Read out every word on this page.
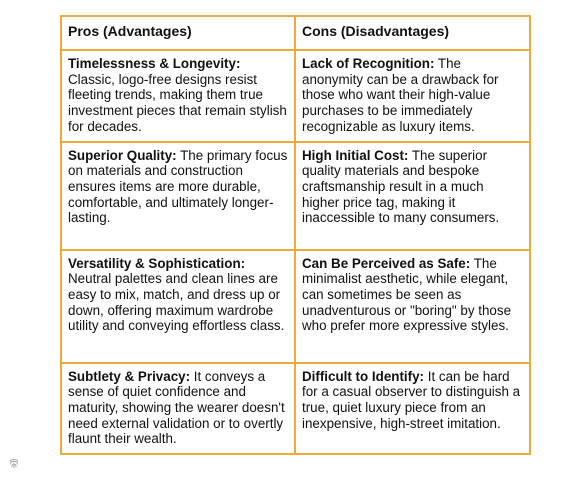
Pros (Advantages)	Cons (Disadvantages)
Timelessness & Longevity: Classic, logo-free designs resist fleeting trends, making them true investment pieces that remain stylish for decades.	Lack of Recognition: The anonymity can be a drawback for those who want their high-value purchases to be immediately recognizable as luxury items.
Superior Quality: The primary focus on materials and construction ensures items are more durable, comfortable, and ultimately longer-lasting.	High Initial Cost: The superior quality materials and bespoke craftsmanship result in a much higher price tag, making it inaccessible to many consumers.
Versatility & Sophistication: Neutral palettes and clean lines are easy to mix, match, and dress up or down, offering maximum wardrobe utility and conveying effortless class.	Can Be Perceived as Safe: The minimalist aesthetic, while elegant, can sometimes be seen as unadventurous or "boring" by those who prefer more expressive styles.
Subtlety & Privacy: It conveys a sense of quiet confidence and maturity, showing the wearer doesn't need external validation or to overtly flaunt their wealth.	Difficult to Identify: It can be hard for a casual observer to distinguish a true, quiet luxury piece from an inexpensive, high-street imitation.
